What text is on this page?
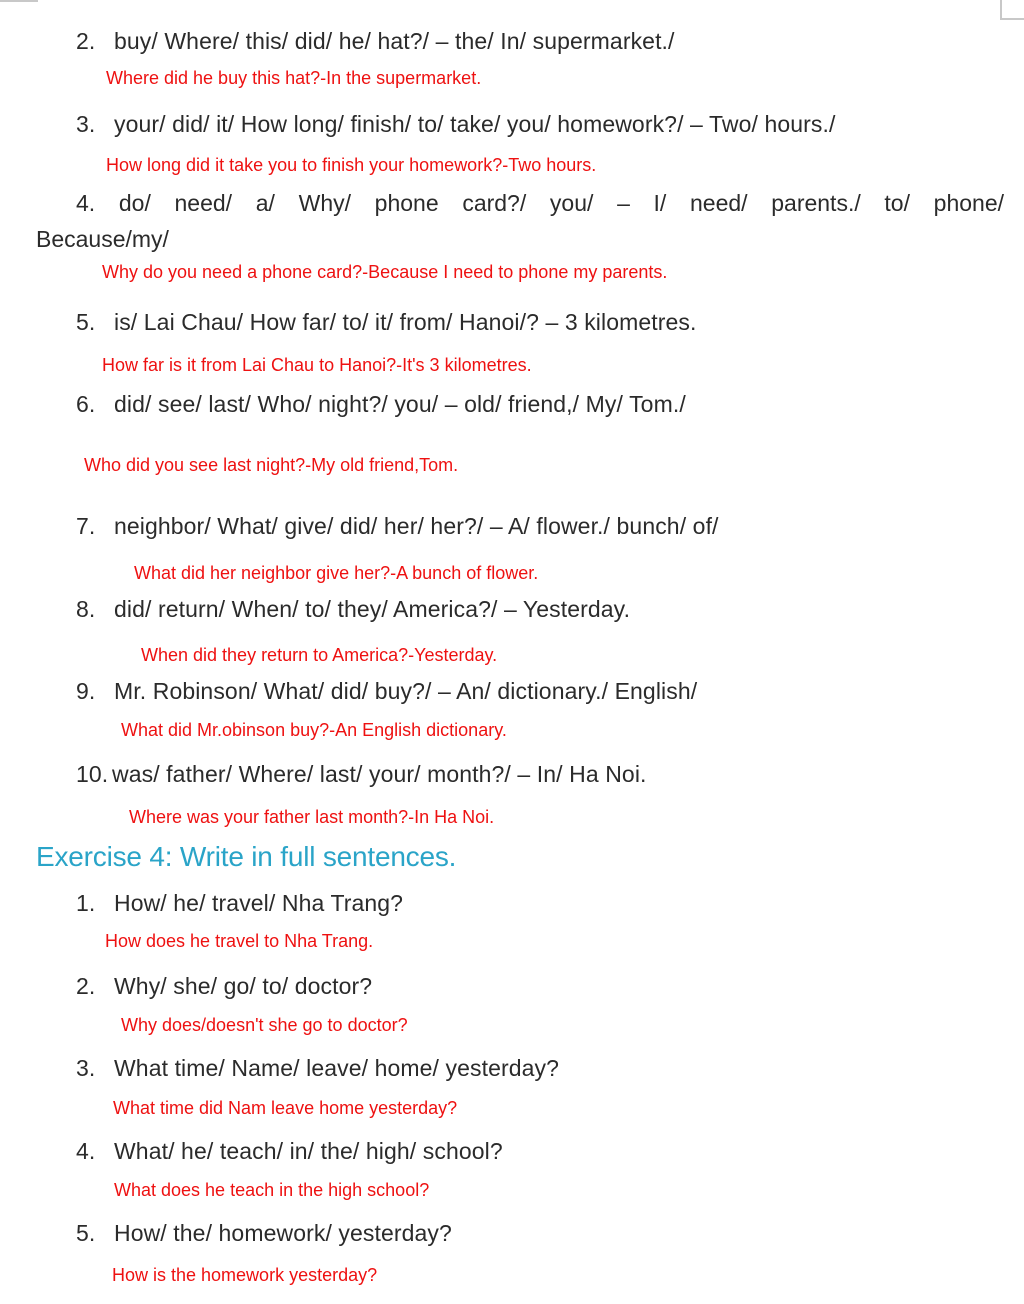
2. buy/ Where/ this/ did/ he/ hat?/ – the/ In/ supermarket./
Where did he buy this hat?-In the supermarket.
3. your/ did/ it/ How long/ finish/ to/ take/ you/ homework?/ – Two/ hours./
How long did it take you to finish your homework?-Two hours.
4. do/ need/ a/ Why/ phone card?/ you/ – I/ need/ parents./ to/ phone/
Because/my/
Why do you need a phone card?-Because I need to phone my parents.
5. is/ Lai Chau/ How far/ to/ it/ from/ Hanoi/? – 3 kilometres.
How far is it from Lai Chau to Hanoi?-It's 3 kilometres.
6. did/ see/ last/ Who/ night?/ you/ – old/ friend,/ My/ Tom./
Who did you see last night?-My old friend,Tom.
7. neighbor/ What/ give/ did/ her/ her?/ – A/ flower./ bunch/ of/
What did her neighbor give her?-A bunch of flower.
8. did/ return/ When/ to/ they/ America?/ – Yesterday.
When did they return to America?-Yesterday.
9. Mr. Robinson/ What/ did/ buy?/ – An/ dictionary./ English/
What did Mr.obinson buy?-An English dictionary.
10. was/ father/ Where/ last/ your/ month?/ – In/ Ha Noi.
Where was your father last month?-In Ha Noi.
Exercise 4: Write in full sentences.
1. How/ he/ travel/ Nha Trang?
How does he travel to Nha Trang.
2. Why/ she/ go/ to/ doctor?
Why does/doesn't she go to doctor?
3. What time/ Name/ leave/ home/ yesterday?
What time did Nam leave home yesterday?
4. What/ he/ teach/ in/ the/ high/ school?
What does he teach in the high school?
5. How/ the/ homework/ yesterday?
How is the homework yesterday?
